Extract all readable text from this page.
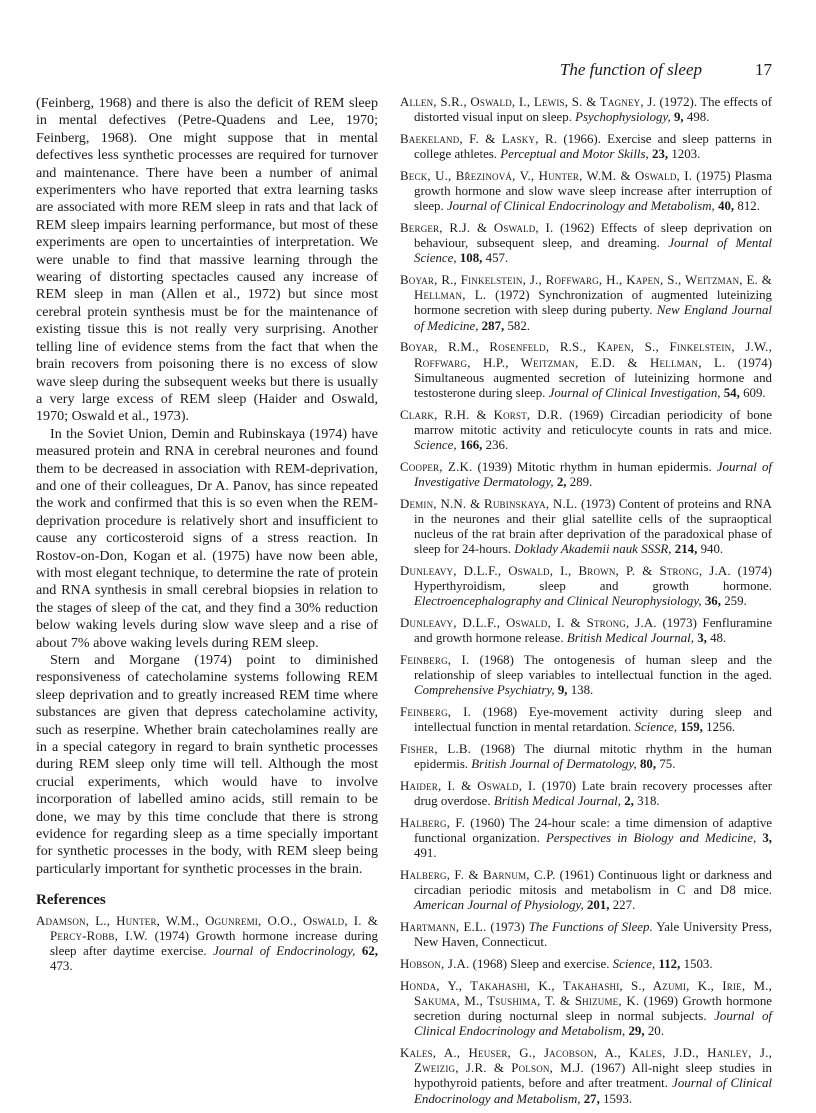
The function of sleep	17

(Feinberg, 1968) and there is also the deficit of REM sleep in mental defectives (Petre-Quadens and Lee, 1970; Feinberg, 1968). One might suppose that in mental defectives less synthetic processes are required for turnover and maintenance. There have been a number of animal experimenters who have reported that extra learning tasks are associated with more REM sleep in rats and that lack of REM sleep impairs learning performance, but most of these experiments are open to uncertainties of interpretation. We were unable to find that massive learning through the wearing of distorting spectacles caused any increase of REM sleep in man (Allen et al., 1972) but since most cerebral protein synthesis must be for the maintenance of existing tissue this is not really very surprising. Another telling line of evidence stems from the fact that when the brain recovers from poisoning there is no excess of slow wave sleep during the subsequent weeks but there is usually a very large excess of REM sleep (Haider and Oswald, 1970; Oswald et al., 1973).

In the Soviet Union, Demin and Rubinskaya (1974) have measured protein and RNA in cerebral neurones and found them to be decreased in association with REM-deprivation, and one of their colleagues, Dr A. Panov, has since repeated the work and confirmed that this is so even when the REM-deprivation procedure is relatively short and insufficient to cause any corticosteroid signs of a stress reaction. In Rostov-on-Don, Kogan et al. (1975) have now been able, with most elegant technique, to determine the rate of protein and RNA synthesis in small cerebral biopsies in relation to the stages of sleep of the cat, and they find a 30% reduction below waking levels during slow wave sleep and a rise of about 7% above waking levels during REM sleep.

Stern and Morgane (1974) point to diminished responsiveness of catecholamine systems following REM sleep deprivation and to greatly increased REM time where substances are given that depress catecholamine activity, such as reserpine. Whether brain catecholamines really are in a special category in regard to brain synthetic processes during REM sleep only time will tell. Although the most crucial experiments, which would have to involve incorporation of labelled amino acids, still remain to be done, we may by this time conclude that there is strong evidence for regarding sleep as a time specially important for synthetic processes in the body, with REM sleep being particularly important for synthetic processes in the brain.

References
Adamson, L., Hunter, W.M., Ogunremi, O.O., Oswald, I. & Percy-Robb, I.W. (1974) Growth hormone increase during sleep after daytime exercise. Journal of Endocrinology, 62, 473.
Allen, S.R., Oswald, I., Lewis, S. & Tagney, J. (1972). The effects of distorted visual input on sleep. Psychophysiology, 9, 498.
Baekeland, F. & Lasky, R. (1966). Exercise and sleep patterns in college athletes. Perceptual and Motor Skills, 23, 1203.
Beck, U., Březinová, V., Hunter, W.M. & Oswald, I. (1975) Plasma growth hormone and slow wave sleep increase after interruption of sleep. Journal of Clinical Endocrinology and Metabolism, 40, 812.
Berger, R.J. & Oswald, I. (1962) Effects of sleep deprivation on behaviour, subsequent sleep, and dreaming. Journal of Mental Science, 108, 457.
Boyar, R., Finkelstein, J., Roffwarg, H., Kapen, S., Weitzman, E. & Hellman, L. (1972) Synchronization of augmented luteinizing hormone secretion with sleep during puberty. New England Journal of Medicine, 287, 582.
Boyar, R.M., Rosenfeld, R.S., Kapen, S., Finkelstein, J.W., Roffwarg, H.P., Weitzman, E.D. & Hellman, L. (1974) Simultaneous augmented secretion of luteinizing hormone and testosterone during sleep. Journal of Clinical Investigation, 54, 609.
Clark, R.H. & Korst, D.R. (1969) Circadian periodicity of bone marrow mitotic activity and reticulocyte counts in rats and mice. Science, 166, 236.
Cooper, Z.K. (1939) Mitotic rhythm in human epidermis. Journal of Investigative Dermatology, 2, 289.
Demin, N.N. & Rubinskaya, N.L. (1973) Content of proteins and RNA in the neurones and their glial satellite cells of the supraoptical nucleus of the rat brain after deprivation of the paradoxical phase of sleep for 24-hours. Doklady Akademii nauk SSSR, 214, 940.
Dunleavy, D.L.F., Oswald, I., Brown, P. & Strong, J.A. (1974) Hyperthyroidism, sleep and growth hormone. Electroencephalography and Clinical Neurophysiology, 36, 259.
Dunleavy, D.L.F., Oswald, I. & Strong, J.A. (1973) Fenfluramine and growth hormone release. British Medical Journal, 3, 48.
Feinberg, I. (1968) The ontogenesis of human sleep and the relationship of sleep variables to intellectual function in the aged. Comprehensive Psychiatry, 9, 138.
Feinberg, I. (1968) Eye-movement activity during sleep and intellectual function in mental retardation. Science, 159, 1256.
Fisher, L.B. (1968) The diurnal mitotic rhythm in the human epidermis. British Journal of Dermatology, 80, 75.
Haider, I. & Oswald, I. (1970) Late brain recovery processes after drug overdose. British Medical Journal, 2, 318.
Halberg, F. (1960) The 24-hour scale: a time dimension of adaptive functional organization. Perspectives in Biology and Medicine, 3, 491.
Halberg, F. & Barnum, C.P. (1961) Continuous light or darkness and circadian periodic mitosis and metabolism in C and D8 mice. American Journal of Physiology, 201, 227.
Hartmann, E.L. (1973) The Functions of Sleep. Yale University Press, New Haven, Connecticut.
Hobson, J.A. (1968) Sleep and exercise. Science, 112, 1503.
Honda, Y., Takahashi, K., Takahashi, S., Azumi, K., Irie, M., Sakuma, M., Tsushima, T. & Shizume, K. (1969) Growth hormone secretion during nocturnal sleep in normal subjects. Journal of Clinical Endocrinology and Metabolism, 29, 20.
Kales, A., Heuser, G., Jacobson, A., Kales, J.D., Hanley, J., Zweizig, J.R. & Polson, M.J. (1967) All-night sleep studies in hypothyroid patients, before and after treatment. Journal of Clinical Endocrinology and Metabolism, 27, 1593.
